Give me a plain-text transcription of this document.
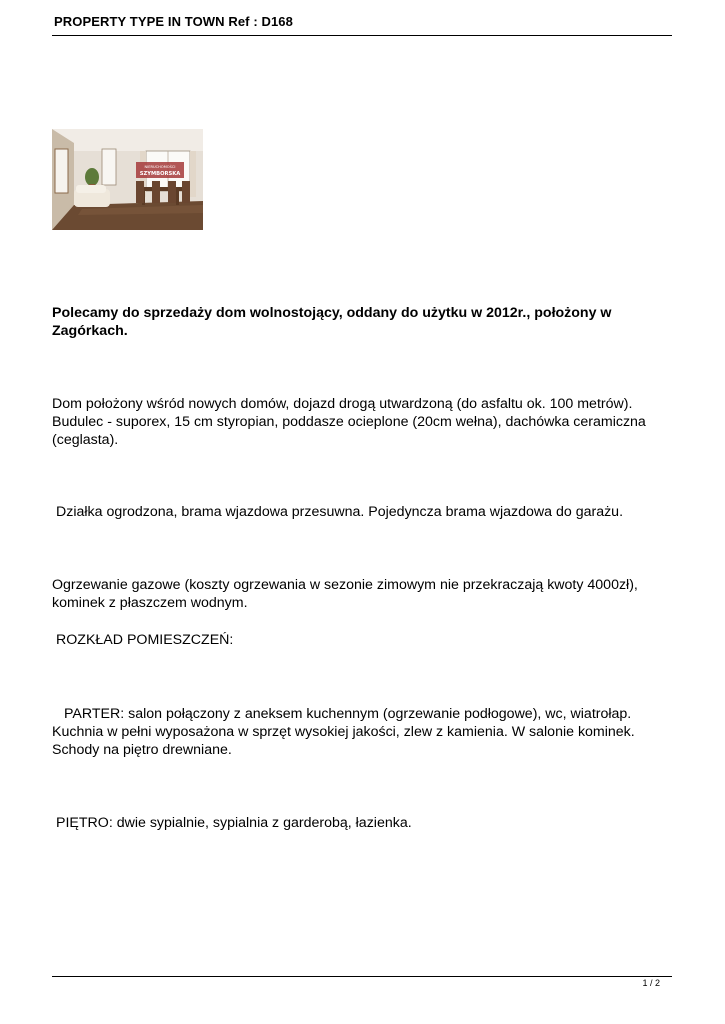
PROPERTY TYPE IN TOWN Ref : D168
NIERUCHOMOŚCI
SZYMBORSKA
Polecamy do sprzedaży dom wolnostojący, oddany do użytku w 2012r., położony w Zagórkach.
Dom położony wśród nowych domów, dojazd drogą utwardzoną (do asfaltu ok. 100 metrów). Budulec - suporex, 15 cm styropian, poddasze ocieplone (20cm wełna), dachówka ceramiczna (ceglasta).
Działka ogrodzona, brama wjazdowa przesuwna. Pojedyncza brama wjazdowa do garażu.
Ogrzewanie gazowe (koszty ogrzewania w sezonie zimowym nie przekraczają kwoty 4000zł), kominek z płaszczem wodnym.
ROZKŁAD POMIESZCZEŃ:
PARTER: salon połączony z aneksem kuchennym (ogrzewanie podłogowe), wc, wiatrołap. Kuchnia w pełni wyposażona w sprzęt wysokiej jakości, zlew z kamienia. W salonie kominek. Schody na piętro drewniane.
PIĘTRO: dwie sypialnie, sypialnia z garderobą, łazienka.
1 / 2
